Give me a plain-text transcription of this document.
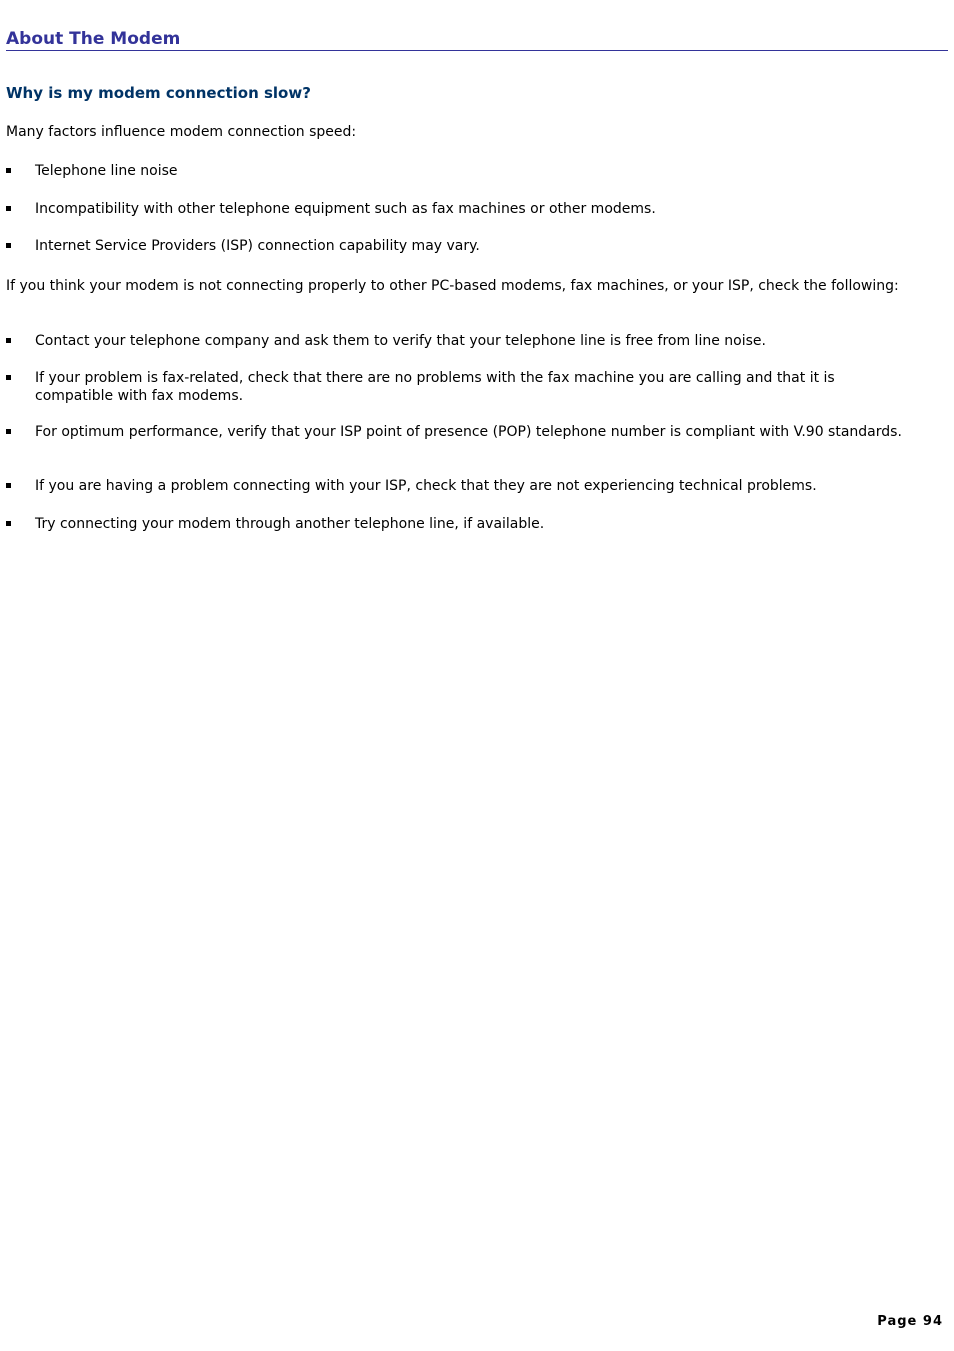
About The Modem
Why is my modem connection slow?

Many factors influence modem connection speed:

Telephone line noise
Incompatibility with other telephone equipment such as fax machines or other modems.
Internet Service Providers (ISP) connection capability may vary.

If you think your modem is not connecting properly to other PC-based modems, fax machines, or your ISP, check the following:

Contact your telephone company and ask them to verify that your telephone line is free from line noise.
If your problem is fax-related, check that there are no problems with the fax machine you are calling and that it is compatible with fax modems.
For optimum performance, verify that your ISP point of presence (POP) telephone number is compliant with V.90 standards.
If you are having a problem connecting with your ISP, check that they are not experiencing technical problems.
Try connecting your modem through another telephone line, if available.
Page 94
